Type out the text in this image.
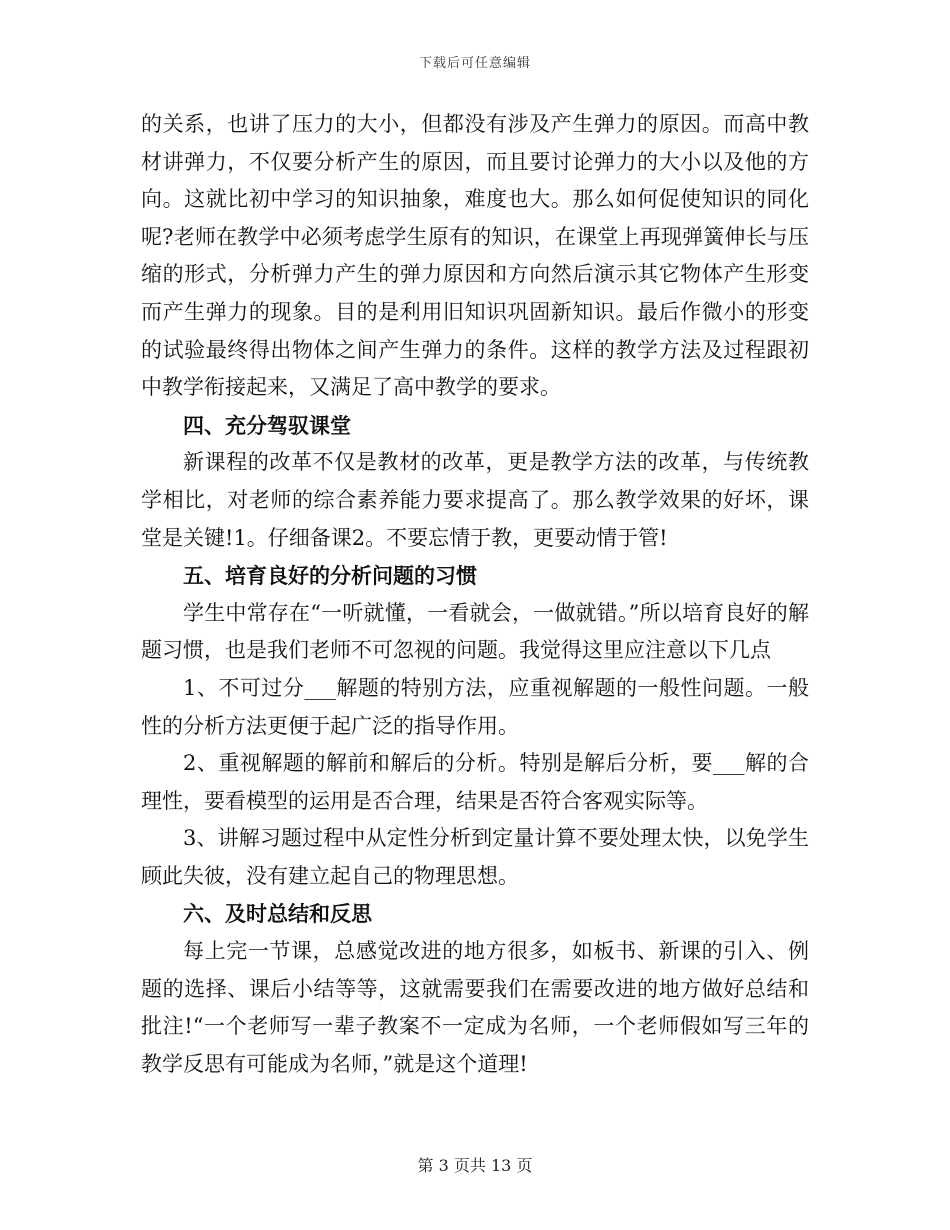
下载后可任意编辑

的关系，也讲了压力的大小，但都没有涉及产生弹力的原因。而高中教材讲弹力，不仅要分析产生的原因，而且要讨论弹力的大小以及他的方向。这就比初中学习的知识抽象，难度也大。那么如何促使知识的同化呢?老师在教学中必须考虑学生原有的知识，在课堂上再现弹簧伸长与压缩的形式，分析弹力产生的弹力原因和方向然后演示其它物体产生形变而产生弹力的现象。目的是利用旧知识巩固新知识。最后作微小的形变的试验最终得出物体之间产生弹力的条件。这样的教学方法及过程跟初中教学衔接起来，又满足了高中教学的要求。

四、充分驾驭课堂

新课程的改革不仅是教材的改革，更是教学方法的改革，与传统教学相比，对老师的综合素养能力要求提高了。那么教学效果的好坏，课堂是关键!1。仔细备课2。不要忘情于教，更要动情于管!

五、培育良好的分析问题的习惯

学生中常存在“一听就懂，一看就会，一做就错。”所以培育良好的解题习惯，也是我们老师不可忽视的问题。我觉得这里应注意以下几点

1、不可过分___解题的特别方法，应重视解题的一般性问题。一般性的分析方法更便于起广泛的指导作用。

2、重视解题的解前和解后的分析。特别是解后分析，要___解的合理性，要看模型的运用是否合理，结果是否符合客观实际等。

3、讲解习题过程中从定性分析到定量计算不要处理太快，以免学生顾此失彼，没有建立起自己的物理思想。

六、及时总结和反思

每上完一节课，总感觉改进的地方很多，如板书、新课的引入、例题的选择、课后小结等等，这就需要我们在需要改进的地方做好总结和批注!“一个老师写一辈子教案不一定成为名师，一个老师假如写三年的教学反思有可能成为名师，”就是这个道理!

第 3 页共 13 页
